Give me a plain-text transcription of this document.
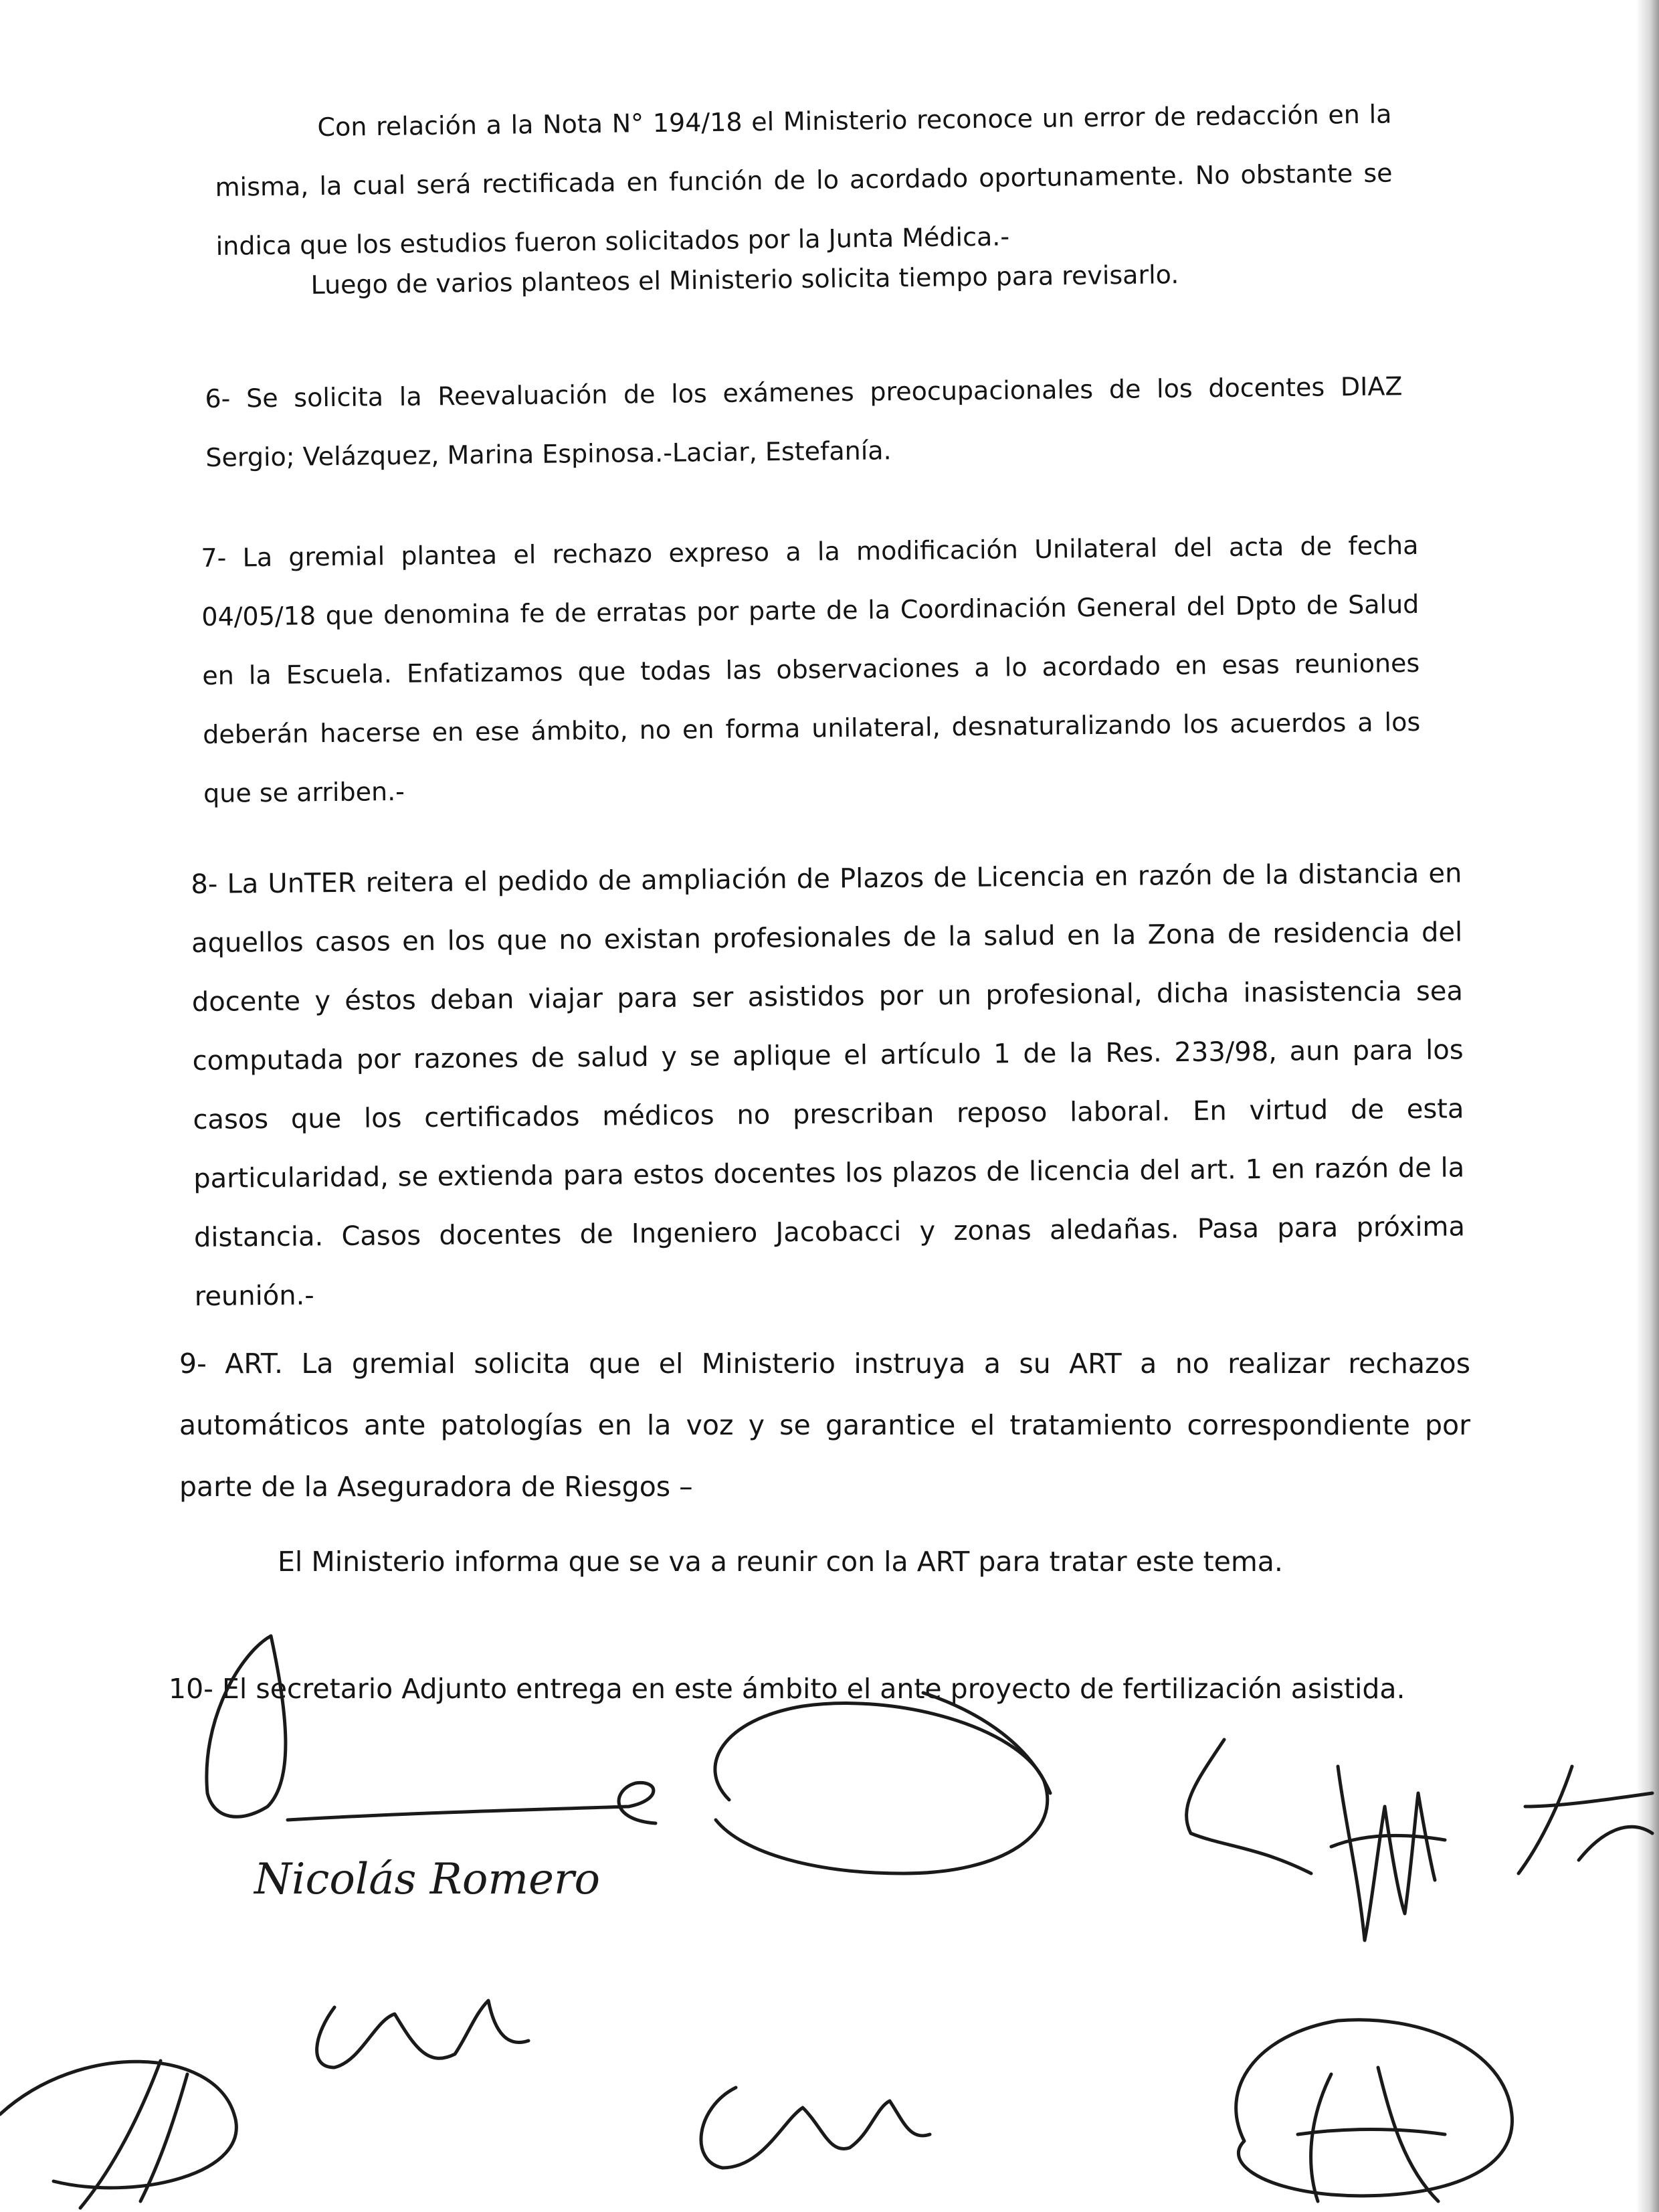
Con relación a la Nota N° 194/18 el Ministerio reconoce un error de redacción en la misma, la cual será rectificada en función de lo acordado oportunamente. No obstante se indica que los estudios fueron solicitados por la Junta Médica.-

Luego de varios planteos el Ministerio solicita tiempo para revisarlo.

6- Se solicita la Reevaluación de los exámenes preocupacionales de los docentes DIAZ Sergio; Velázquez, Marina Espinosa.-Laciar, Estefanía.

7- La gremial plantea el rechazo expreso a la modificación Unilateral del acta de fecha 04/05/18 que denomina fe de erratas por parte de la Coordinación General del Dpto de Salud en la Escuela. Enfatizamos que todas las observaciones a lo acordado en esas reuniones deberán hacerse en ese ámbito, no en forma unilateral, desnaturalizando los acuerdos a los que se arriben.-

8- La UnTER reitera el pedido de ampliación de Plazos de Licencia en razón de la distancia en aquellos casos en los que no existan profesionales de la salud en la Zona de residencia del docente y éstos deban viajar para ser asistidos por un profesional, dicha inasistencia sea computada por razones de salud y se aplique el artículo 1 de la Res. 233/98, aun para los casos que los certificados médicos no prescriban reposo laboral. En virtud de esta particularidad, se extienda para estos docentes los plazos de licencia del art. 1 en razón de la distancia. Casos docentes de Ingeniero Jacobacci y zonas aledañas. Pasa para próxima reunión.-

9- ART. La gremial solicita que el Ministerio instruya a su ART a no realizar rechazos automáticos ante patologías en la voz y se garantice el tratamiento correspondiente por parte de la Aseguradora de Riesgos –

El Ministerio informa que se va a reunir con la ART para tratar este tema.

10- El secretario Adjunto entrega en este ámbito el ante proyecto de fertilización asistida.

Nicolás Romero
